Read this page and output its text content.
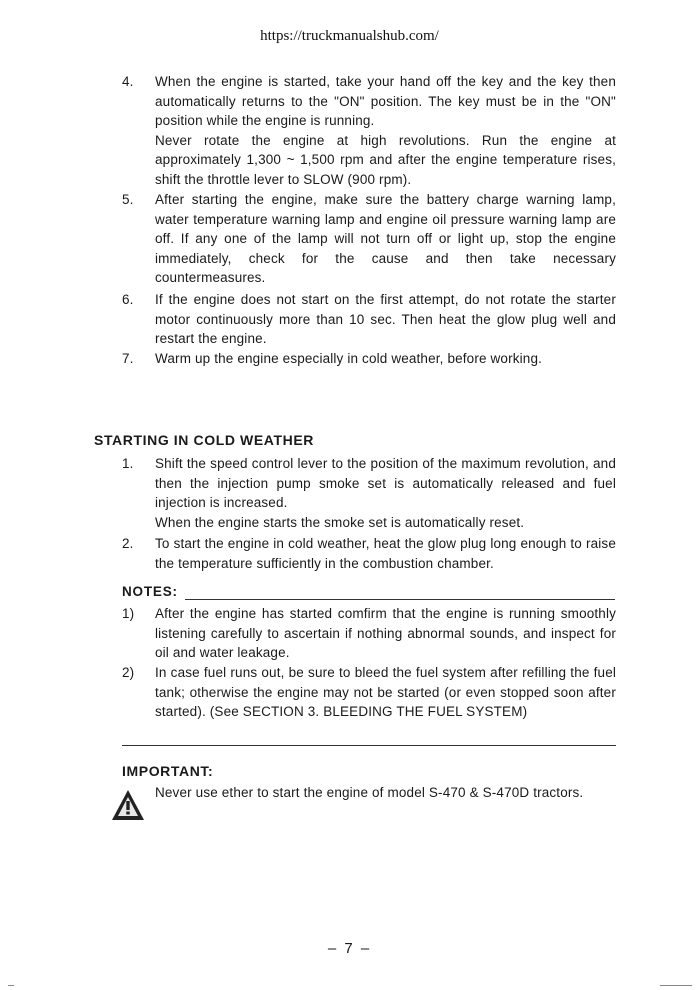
https://truckmanualshub.com/
4. When the engine is started, take your hand off the key and the key then automatically returns to the "ON" position. The key must be in the "ON" position while the engine is running.
Never rotate the engine at high revolutions. Run the engine at approximately 1,300 ~ 1,500 rpm and after the engine temperature rises, shift the throttle lever to SLOW (900 rpm).
5. After starting the engine, make sure the battery charge warning lamp, water temperature warning lamp and engine oil pressure warning lamp are off. If any one of the lamp will not turn off or light up, stop the engine immediately, check for the cause and then take necessary countermeasures.
6. If the engine does not start on the first attempt, do not rotate the starter motor continuously more than 10 sec. Then heat the glow plug well and restart the engine.
7. Warm up the engine especially in cold weather, before working.
STARTING IN COLD WEATHER
1. Shift the speed control lever to the position of the maximum revolution, and then the injection pump smoke set is automatically released and fuel injection is increased.
When the engine starts the smoke set is automatically reset.
2. To start the engine in cold weather, heat the glow plug long enough to raise the temperature sufficiently in the combustion chamber.
NOTES:
1) After the engine has started comfirm that the engine is running smoothly listening carefully to ascertain if nothing abnormal sounds, and inspect for oil and water leakage.
2) In case fuel runs out, be sure to bleed the fuel system after refilling the fuel tank; otherwise the engine may not be started (or even stopped soon after started). (See SECTION 3. BLEEDING THE FUEL SYSTEM)
IMPORTANT:
Never use ether to start the engine of model S-470 & S-470D tractors.
– 7 –
